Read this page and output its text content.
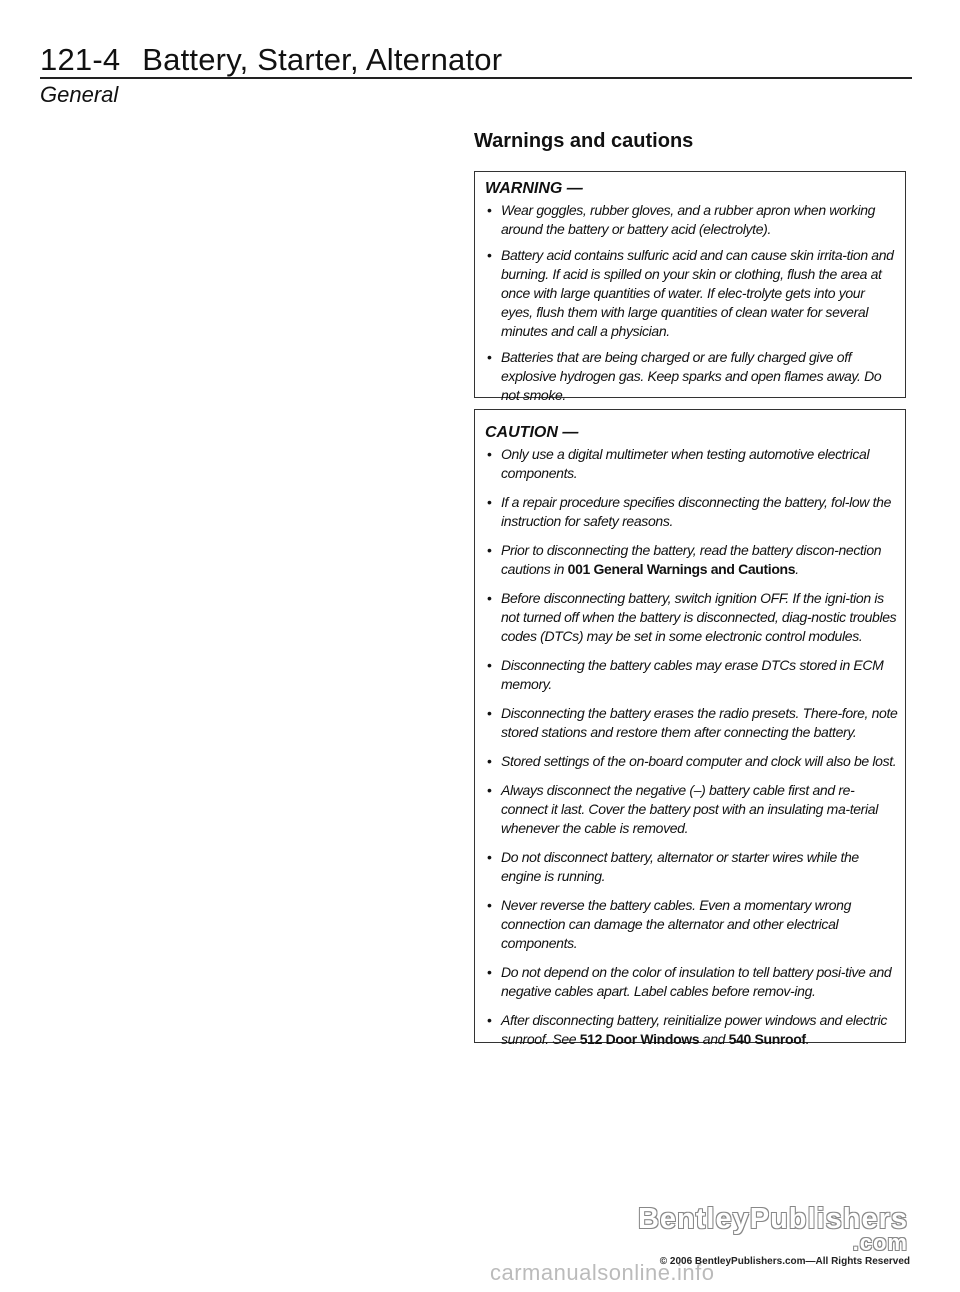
121-4 Battery, Starter, Alternator
General
Warnings and cautions
WARNING —
• Wear goggles, rubber gloves, and a rubber apron when working around the battery or battery acid (electrolyte).
• Battery acid contains sulfuric acid and can cause skin irrita-tion and burning. If acid is spilled on your skin or clothing, flush the area at once with large quantities of water. If elec-trolyte gets into your eyes, flush them with large quantities of clean water for several minutes and call a physician.
• Batteries that are being charged or are fully charged give off explosive hydrogen gas. Keep sparks and open flames away. Do not smoke.
CAUTION —
• Only use a digital multimeter when testing automotive electrical components.
• If a repair procedure specifies disconnecting the battery, fol-low the instruction for safety reasons.
• Prior to disconnecting the battery, read the battery discon-nection cautions in 001 General Warnings and Cautions.
• Before disconnecting battery, switch ignition OFF. If the igni-tion is not turned off when the battery is disconnected, diag-nostic troubles codes (DTCs) may be set in some electronic control modules.
• Disconnecting the battery cables may erase DTCs stored in ECM memory.
• Disconnecting the battery erases the radio presets. There-fore, note stored stations and restore them after connecting the battery.
• Stored settings of the on-board computer and clock will also be lost.
• Always disconnect the negative (–) battery cable first and re-connect it last. Cover the battery post with an insulating ma-terial whenever the cable is removed.
• Do not disconnect battery, alternator or starter wires while the engine is running.
• Never reverse the battery cables. Even a momentary wrong connection can damage the alternator and other electrical components.
• Do not depend on the color of insulation to tell battery posi-tive and negative cables apart. Label cables before remov-ing.
• After disconnecting battery, reinitialize power windows and electric sunroof. See 512 Door Windows and 540 Sunroof.
BentleyPublishers
.com
© 2006 BentleyPublishers.com—All Rights Reserved
carmanualsonline.info
